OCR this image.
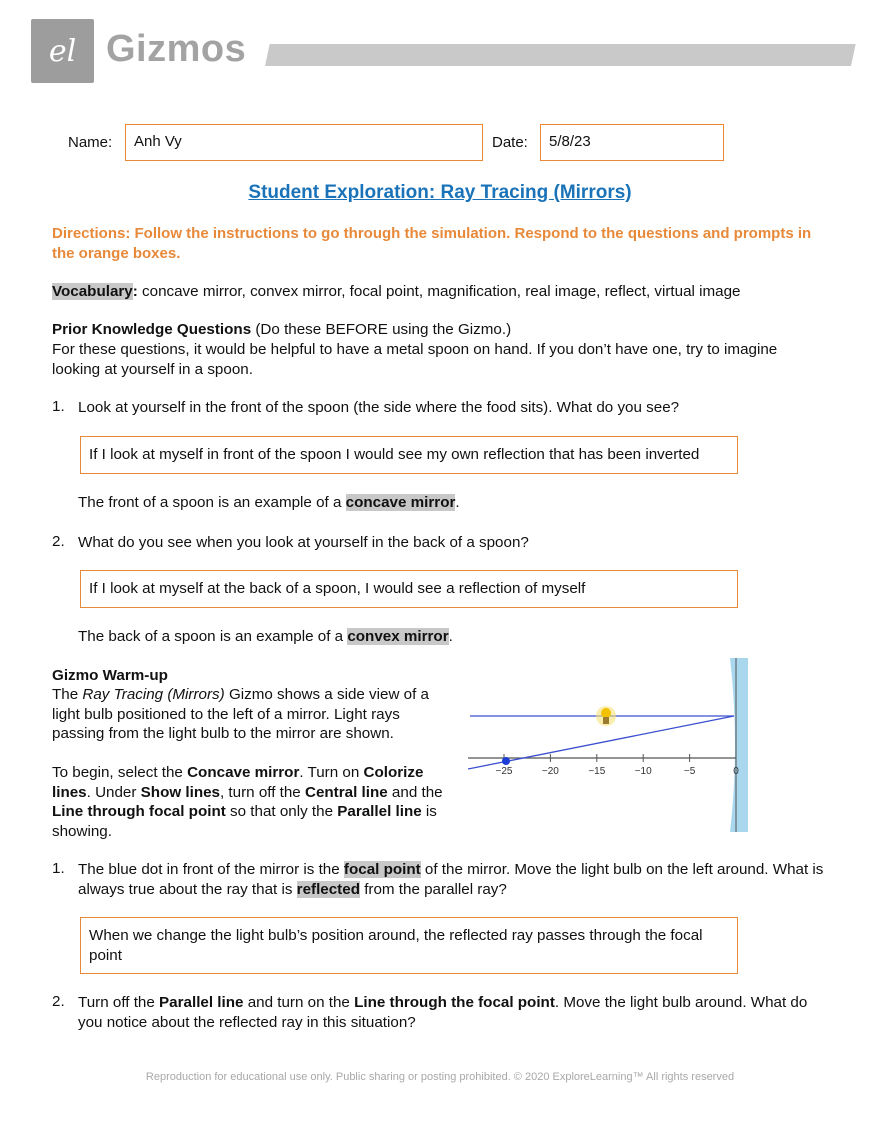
el Gizmos
Name:	Anh Vy	Date:	5/8/23
Student Exploration: Ray Tracing (Mirrors)
Directions: Follow the instructions to go through the simulation. Respond to the questions and prompts in the orange boxes.
Vocabulary: concave mirror, convex mirror, focal point, magnification, real image, reflect, virtual image
Prior Knowledge Questions (Do these BEFORE using the Gizmo.)
For these questions, it would be helpful to have a metal spoon on hand. If you don’t have one, try to imagine looking at yourself in a spoon.
1. Look at yourself in the front of the spoon (the side where the food sits). What do you see?
If I look at myself in front of the spoon I would see my own reflection that has been inverted
The front of a spoon is an example of a concave mirror.
2. What do you see when you look at yourself in the back of a spoon?
If I look at myself at the back of a spoon, I would see a reflection of myself
The back of a spoon is an example of a convex mirror.
Gizmo Warm-up
The Ray Tracing (Mirrors) Gizmo shows a side view of a light bulb positioned to the left of a mirror. Light rays passing from the light bulb to the mirror are shown.
To begin, select the Concave mirror. Turn on Colorize lines. Under Show lines, turn off the Central line and the Line through focal point so that only the Parallel line is showing.
−25	−20	−15	−10	−5	0
1. The blue dot in front of the mirror is the focal point of the mirror. Move the light bulb on the left around. What is always true about the ray that is reflected from the parallel ray?
When we change the light bulb’s position around, the reflected ray passes through the focal point
2. Turn off the Parallel line and turn on the Line through the focal point. Move the light bulb around. What do you notice about the reflected ray in this situation?
Reproduction for educational use only. Public sharing or posting prohibited. © 2020 ExploreLearning™ All rights reserved
